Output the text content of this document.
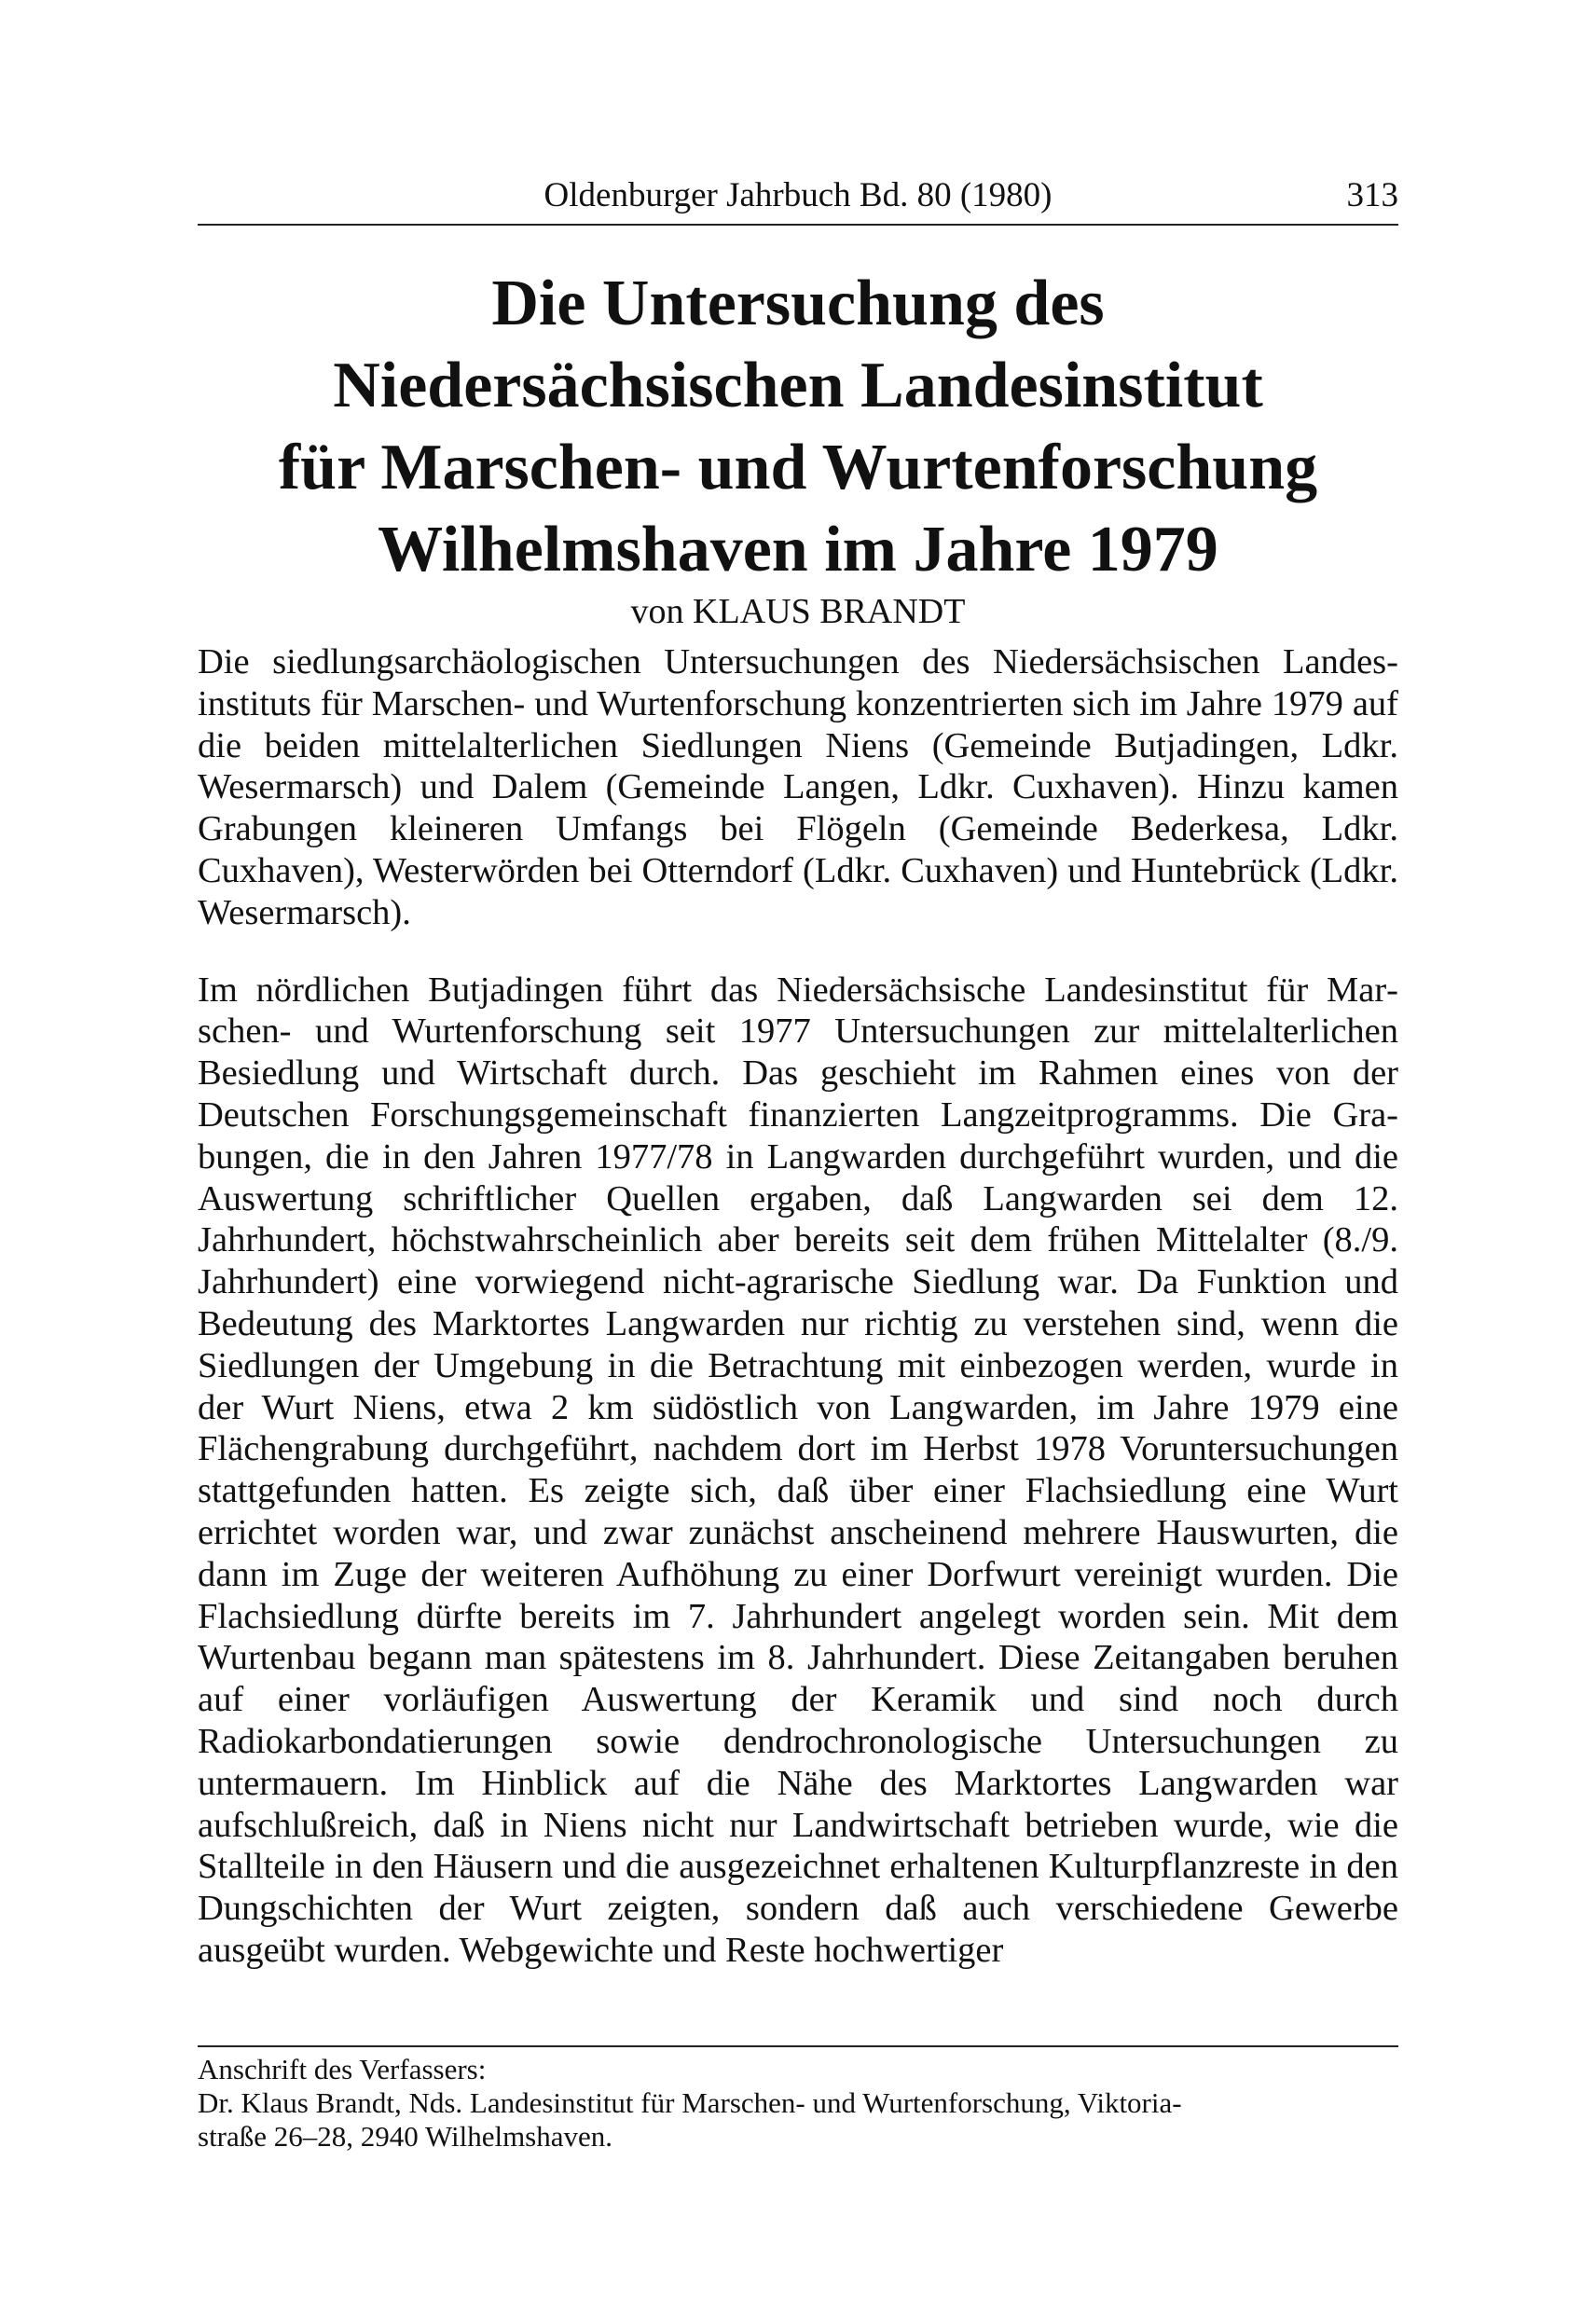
Oldenburger Jahrbuch Bd. 80 (1980)	313
Die Untersuchung des
Niedersächsischen Landesinstitut
für Marschen- und Wurtenforschung
Wilhelmshaven im Jahre 1979
von KLAUS BRANDT

Die siedlungsarchäologischen Untersuchungen des Niedersächsischen Landesinstituts für Marschen- und Wurtenforschung konzentrierten sich im Jahre 1979 auf die beiden mittelalterlichen Siedlungen Niens (Gemeinde Butjadingen, Ldkr. Wesermarsch) und Dalem (Gemeinde Langen, Ldkr. Cuxhaven). Hinzu kamen Grabungen kleineren Umfangs bei Flögeln (Gemeinde Bederkesa, Ldkr. Cuxhaven), Westerwörden bei Otterndorf (Ldkr. Cuxhaven) und Huntebrück (Ldkr. Wesermarsch).

Im nördlichen Butjadingen führt das Niedersächsische Landesinstitut für Marschen- und Wurtenforschung seit 1977 Untersuchungen zur mittelalterlichen Besiedlung und Wirtschaft durch. Das geschieht im Rahmen eines von der Deutschen Forschungsgemeinschaft finanzierten Langzeitprogramms. Die Grabungen, die in den Jahren 1977/78 in Langwarden durchgeführt wurden, und die Auswertung schriftlicher Quellen ergaben, daß Langwarden sei dem 12. Jahrhundert, höchstwahrscheinlich aber bereits seit dem frühen Mittelalter (8./9. Jahrhundert) eine vorwiegend nicht-agrarische Siedlung war. Da Funktion und Bedeutung des Marktortes Langwarden nur richtig zu verstehen sind, wenn die Siedlungen der Umgebung in die Betrachtung mit einbezogen werden, wurde in der Wurt Niens, etwa 2 km südöstlich von Langwarden, im Jahre 1979 eine Flächengrabung durchgeführt, nachdem dort im Herbst 1978 Voruntersuchungen stattgefunden hatten. Es zeigte sich, daß über einer Flachsiedlung eine Wurt errichtet worden war, und zwar zunächst anscheinend mehrere Hauswurten, die dann im Zuge der weiteren Aufhöhung zu einer Dorfwurt vereinigt wurden. Die Flachsiedlung dürfte bereits im 7. Jahrhundert angelegt worden sein. Mit dem Wurtenbau begann man spätestens im 8. Jahrhundert. Diese Zeitangaben beruhen auf einer vorläufigen Auswertung der Keramik und sind noch durch Radiokarbondatierungen sowie dendrochronologische Untersuchungen zu untermauern. Im Hinblick auf die Nähe des Marktortes Langwarden war aufschlußreich, daß in Niens nicht nur Landwirtschaft betrieben wurde, wie die Stallteile in den Häusern und die ausgezeichnet erhaltenen Kulturpflanzreste in den Dungschichten der Wurt zeigten, sondern daß auch verschiedene Gewerbe ausgeübt wurden. Webgewichte und Reste hochwertiger

Anschrift des Verfassers:
Dr. Klaus Brandt, Nds. Landesinstitut für Marschen- und Wurtenforschung, Viktoria-
straße 26–28, 2940 Wilhelmshaven.
